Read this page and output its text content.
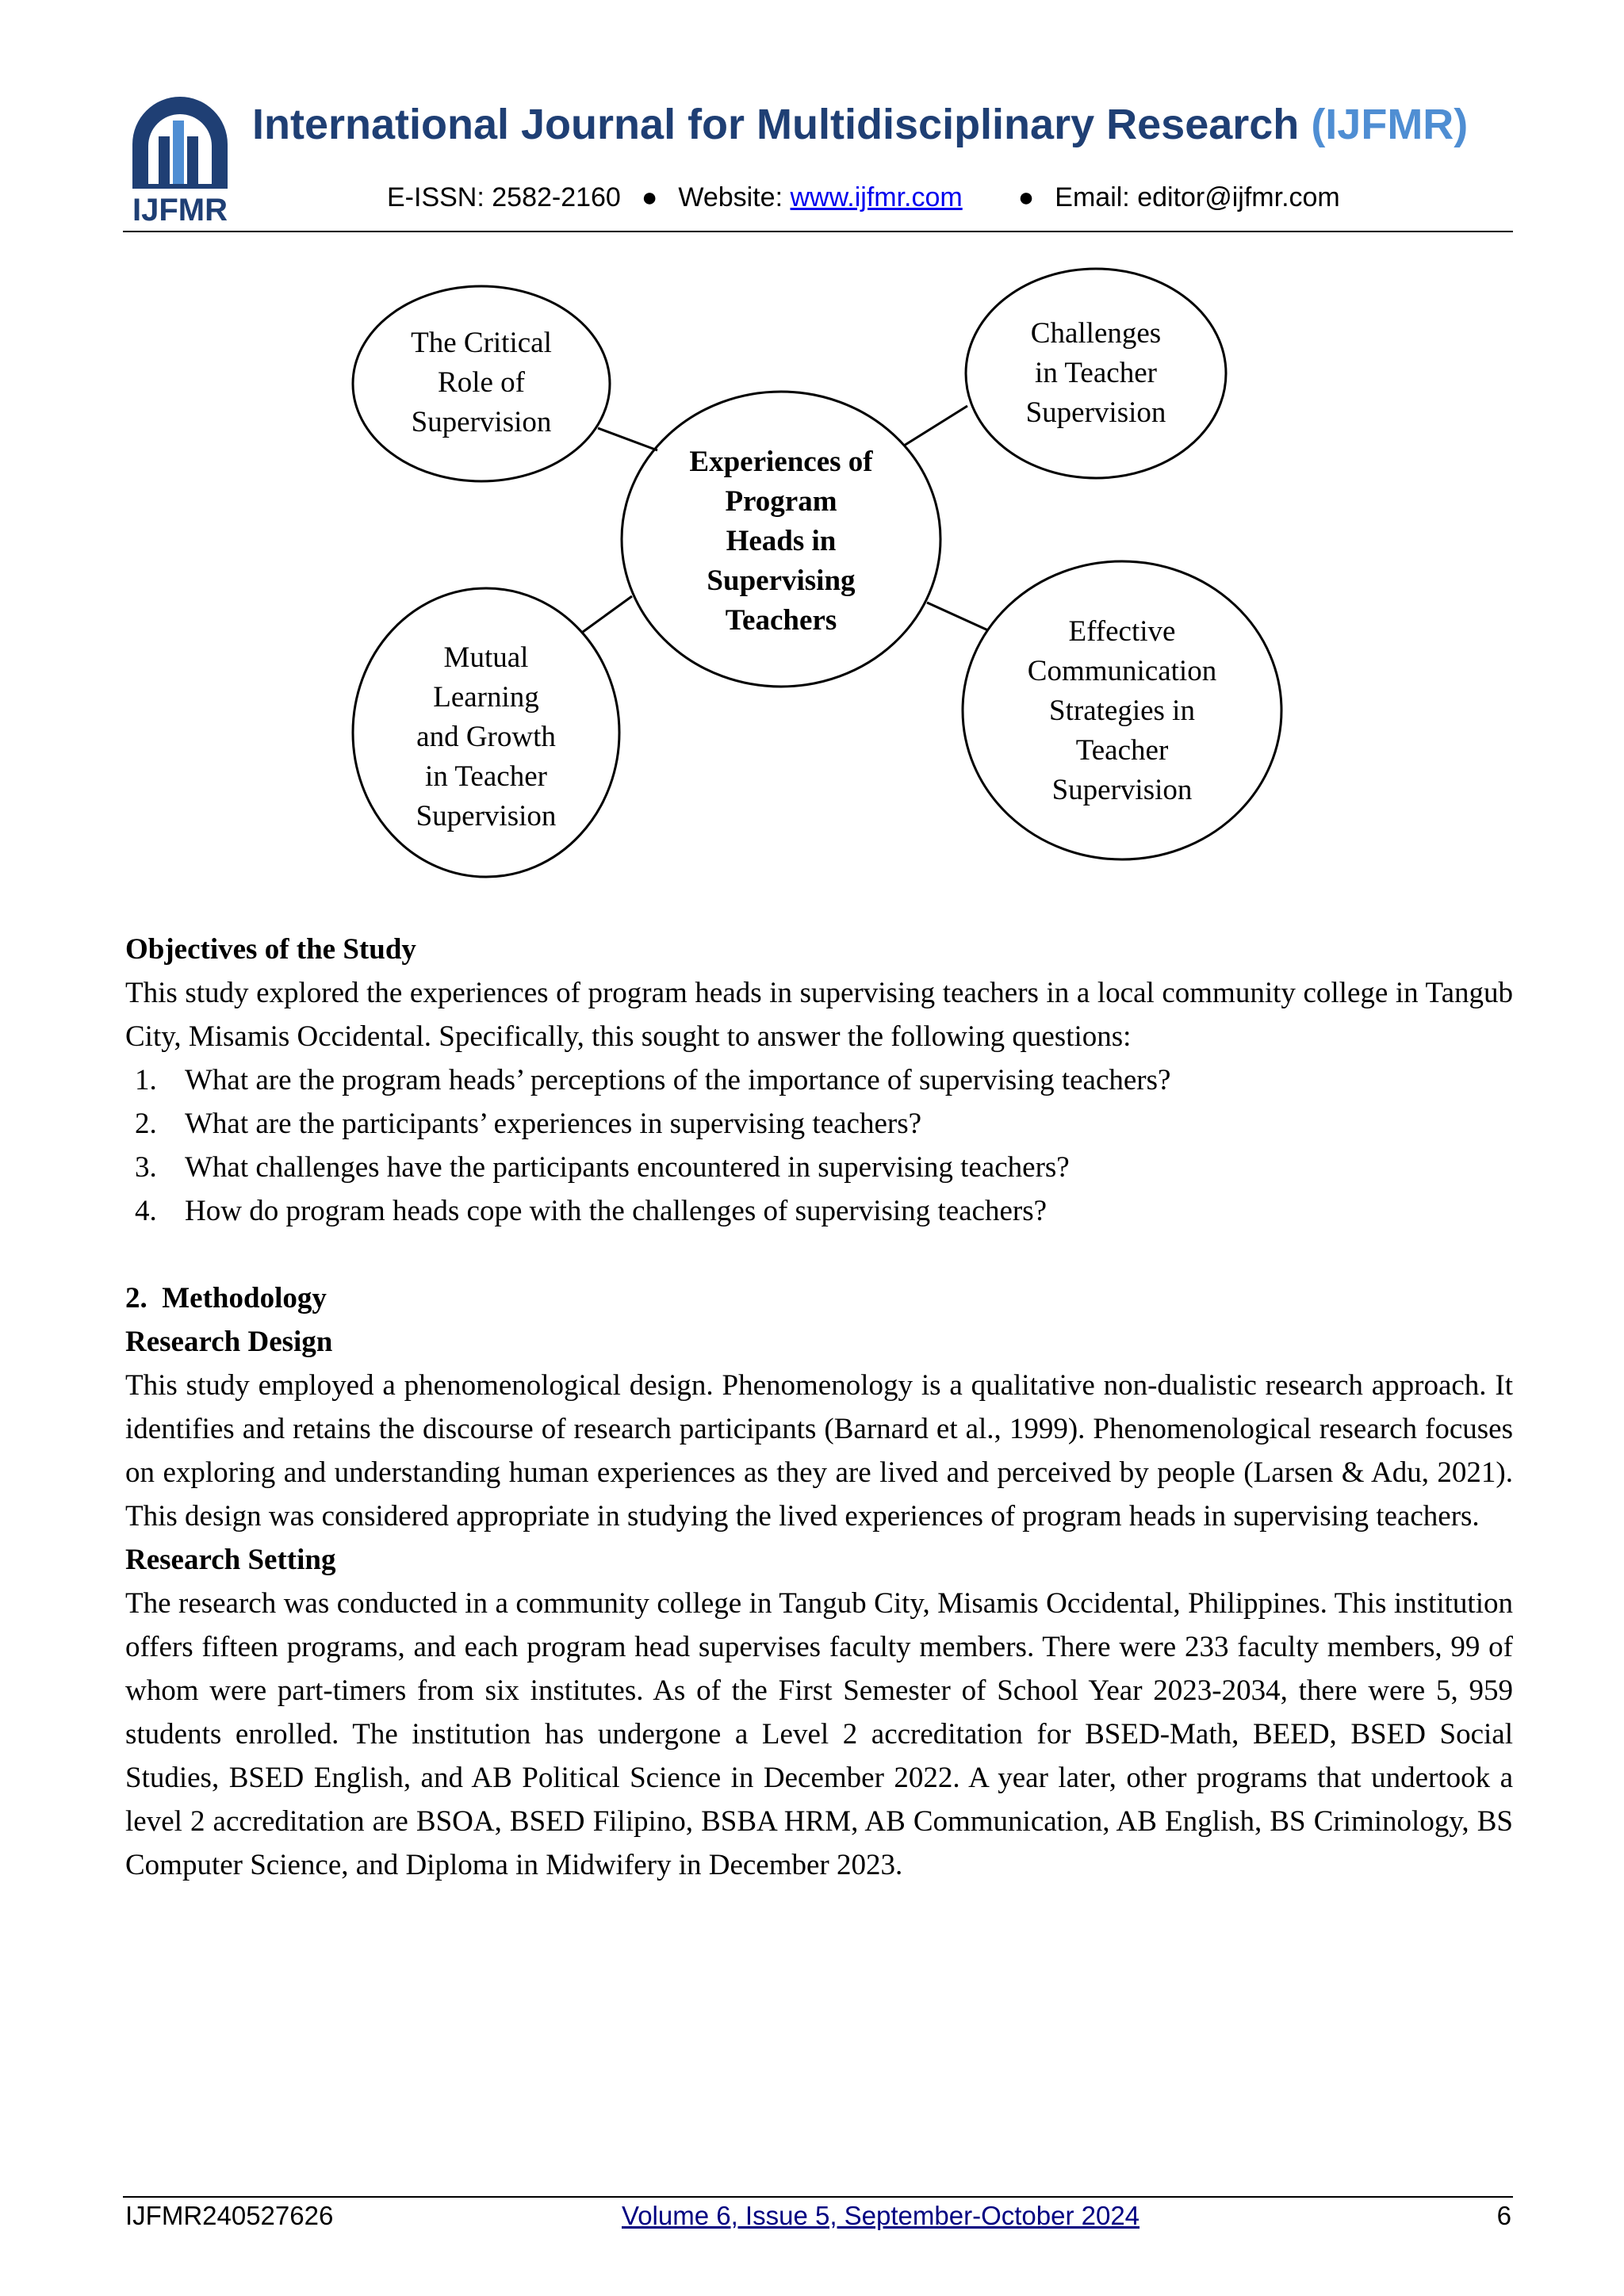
IJFMR
International Journal for Multidisciplinary Research (IJFMR)
E-ISSN: 2582-2160 ● Website: www.ijfmr.com ● Email: editor@ijfmr.com
Experiences of
Program
Heads in
Supervising
Teachers
The Critical
Role of
Supervision
Challenges
in Teacher
Supervision
Mutual
Learning
and Growth
in Teacher
Supervision
Effective
Communication
Strategies in
Teacher
Supervision
Objectives of the Study

This study explored the experiences of program heads in supervising teachers in a local community college in Tangub City, Misamis Occidental. Specifically, this sought to answer the following questions:

1. What are the program heads’ perceptions of the importance of supervising teachers?
2. What are the participants’ experiences in supervising teachers?
3. What challenges have the participants encountered in supervising teachers?
4. How do program heads cope with the challenges of supervising teachers?
2.  Methodology
Research Design

This study employed a phenomenological design. Phenomenology is a qualitative non-dualistic research approach. It identifies and retains the discourse of research participants (Barnard et al., 1999). Phenomenological research focuses on exploring and understanding human experiences as they are lived and perceived by people (Larsen & Adu, 2021). This design was considered appropriate in studying the lived experiences of program heads in supervising teachers.

Research Setting

The research was conducted in a community college in Tangub City, Misamis Occidental, Philippines. This institution offers fifteen programs, and each program head supervises faculty members. There were 233 faculty members, 99 of whom were part-timers from six institutes. As of the First Semester of School Year 2023-2034, there were 5, 959 students enrolled. The institution has undergone a Level 2 accreditation for BSED-Math, BEED, BSED Social Studies, BSED English, and AB Political Science in December 2022. A year later, other programs that undertook a level 2 accreditation are BSOA, BSED Filipino, BSBA HRM, AB Communication, AB English, BS Criminology, BS Computer Science, and Diploma in Midwifery in December 2023.

IJFMR240527626	Volume 6, Issue 5, September-October 2024	6
